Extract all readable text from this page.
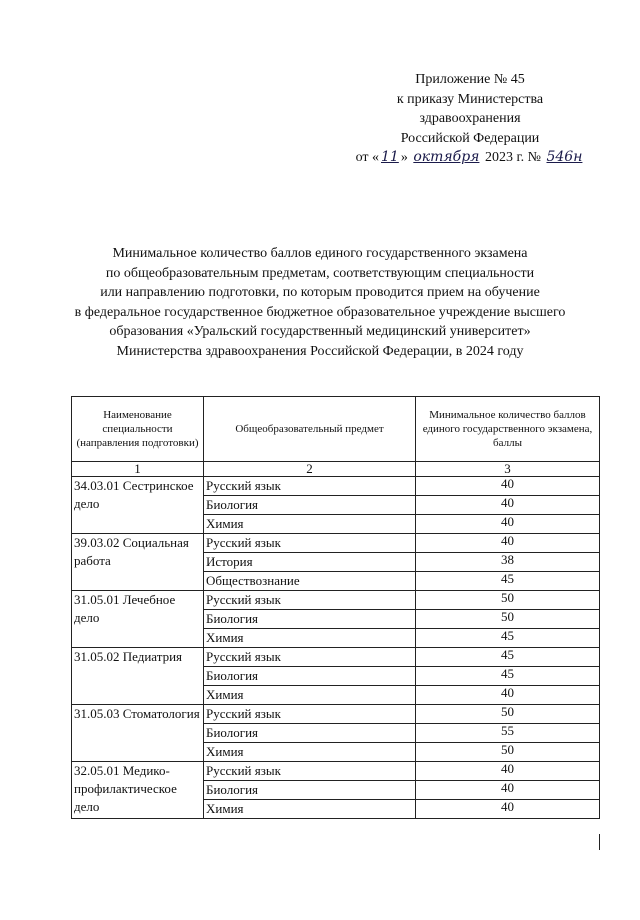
Приложение № 45
к приказу Министерства
здравоохранения
Российской Федерации
от « 11 » октября 2023 г. № 546н
Минимальное количество баллов единого государственного экзамена
по общеобразовательным предметам, соответствующим специальности
или направлению подготовки, по которым проводится прием на обучение
в федеральное государственное бюджетное образовательное учреждение высшего
образования «Уральский государственный медицинский университет»
Министерства здравоохранения Российской Федерации, в 2024 году
Наименование специальности (направления подготовки)	Общеобразовательный предмет	Минимальное количество баллов единого государственного экзамена, баллы
1	2	3
34.03.01 Сестринское дело	Русский язык	40
	Биология	40
	Химия	40
39.03.02 Социальная работа	Русский язык	40
	История	38
	Обществознание	45
31.05.01 Лечебное дело	Русский язык	50
	Биология	50
	Химия	45
31.05.02 Педиатрия	Русский язык	45
	Биология	45
	Химия	40
31.05.03 Стоматология	Русский язык	50
	Биология	55
	Химия	50
32.05.01 Медико-профилактическое дело	Русский язык	40
	Биология	40
	Химия	40
